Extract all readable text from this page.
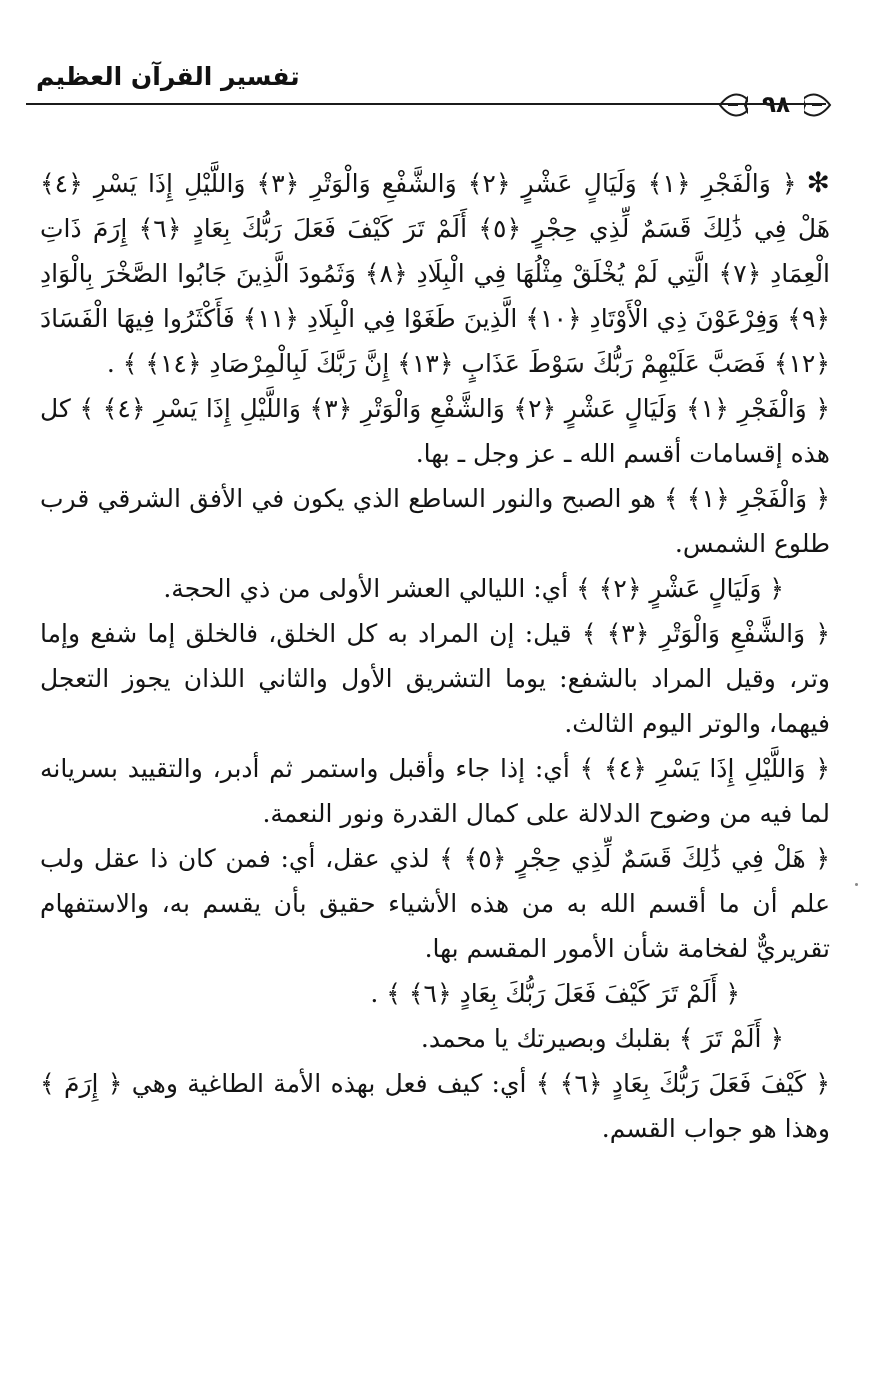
تفسير القرآن العظيم
٩٨

✻﴿ وَالْفَجْرِ ﴿١﴾ وَلَيَالٍ عَشْرٍ ﴿٢﴾ وَالشَّفْعِ وَالْوَتْرِ ﴿٣﴾ وَاللَّيْلِ إِذَا يَسْرِ ﴿٤﴾ هَلْ فِي ذَٰلِكَ قَسَمٌ لِّذِي حِجْرٍ ﴿٥﴾ أَلَمْ تَرَ كَيْفَ فَعَلَ رَبُّكَ بِعَادٍ ﴿٦﴾ إِرَمَ ذَاتِ الْعِمَادِ ﴿٧﴾ الَّتِي لَمْ يُخْلَقْ مِثْلُهَا فِي الْبِلَادِ ﴿٨﴾ وَثَمُودَ الَّذِينَ جَابُوا الصَّخْرَ بِالْوَادِ ﴿٩﴾ وَفِرْعَوْنَ ذِي الْأَوْتَادِ ﴿١٠﴾ الَّذِينَ طَغَوْا فِي الْبِلَادِ ﴿١١﴾ فَأَكْثَرُوا فِيهَا الْفَسَادَ ﴿١٢﴾ فَصَبَّ عَلَيْهِمْ رَبُّكَ سَوْطَ عَذَابٍ ﴿١٣﴾ إِنَّ رَبَّكَ لَبِالْمِرْصَادِ ﴿١٤﴾ ﴾ .

﴿ وَالْفَجْرِ ﴿١﴾ وَلَيَالٍ عَشْرٍ ﴿٢﴾ وَالشَّفْعِ وَالْوَتْرِ ﴿٣﴾ وَاللَّيْلِ إِذَا يَسْرِ ﴿٤﴾ ﴾ كل هذه إقسامات أقسم الله ـ عز وجل ـ بها.

﴿ وَالْفَجْرِ ﴿١﴾ ﴾ هو الصبح والنور الساطع الذي يكون في الأفق الشرقي قرب طلوع الشمس.

﴿ وَلَيَالٍ عَشْرٍ ﴿٢﴾ ﴾ أي: الليالي العشر الأولى من ذي الحجة.

﴿ وَالشَّفْعِ وَالْوَتْرِ ﴿٣﴾ ﴾ قيل: إن المراد به كل الخلق، فالخلق إما شفع وإما وتر، وقيل المراد بالشفع: يوما التشريق الأول والثاني اللذان يجوز التعجل فيهما، والوتر اليوم الثالث.

﴿ وَاللَّيْلِ إِذَا يَسْرِ ﴿٤﴾ ﴾ أي: إذا جاء وأقبل واستمر ثم أدبر، والتقييد بسريانه لما فيه من وضوح الدلالة على كمال القدرة ونور النعمة.

﴿ هَلْ فِي ذَٰلِكَ قَسَمٌ لِّذِي حِجْرٍ ﴿٥﴾ ﴾ لذي عقل، أي: فمن كان ذا عقل ولب علم أن ما أقسم الله به من هذه الأشياء حقيق بأن يقسم به، والاستفهام تقريريٌّ لفخامة شأن الأمور المقسم بها.

﴿ أَلَمْ تَرَ كَيْفَ فَعَلَ رَبُّكَ بِعَادٍ ﴿٦﴾ ﴾ .

﴿ أَلَمْ تَرَ ﴾ بقلبك وبصيرتك يا محمد.

﴿ كَيْفَ فَعَلَ رَبُّكَ بِعَادٍ ﴿٦﴾ ﴾ أي: كيف فعل بهذه الأمة الطاغية وهي ﴿ إِرَمَ ﴾ وهذا هو جواب القسم.
